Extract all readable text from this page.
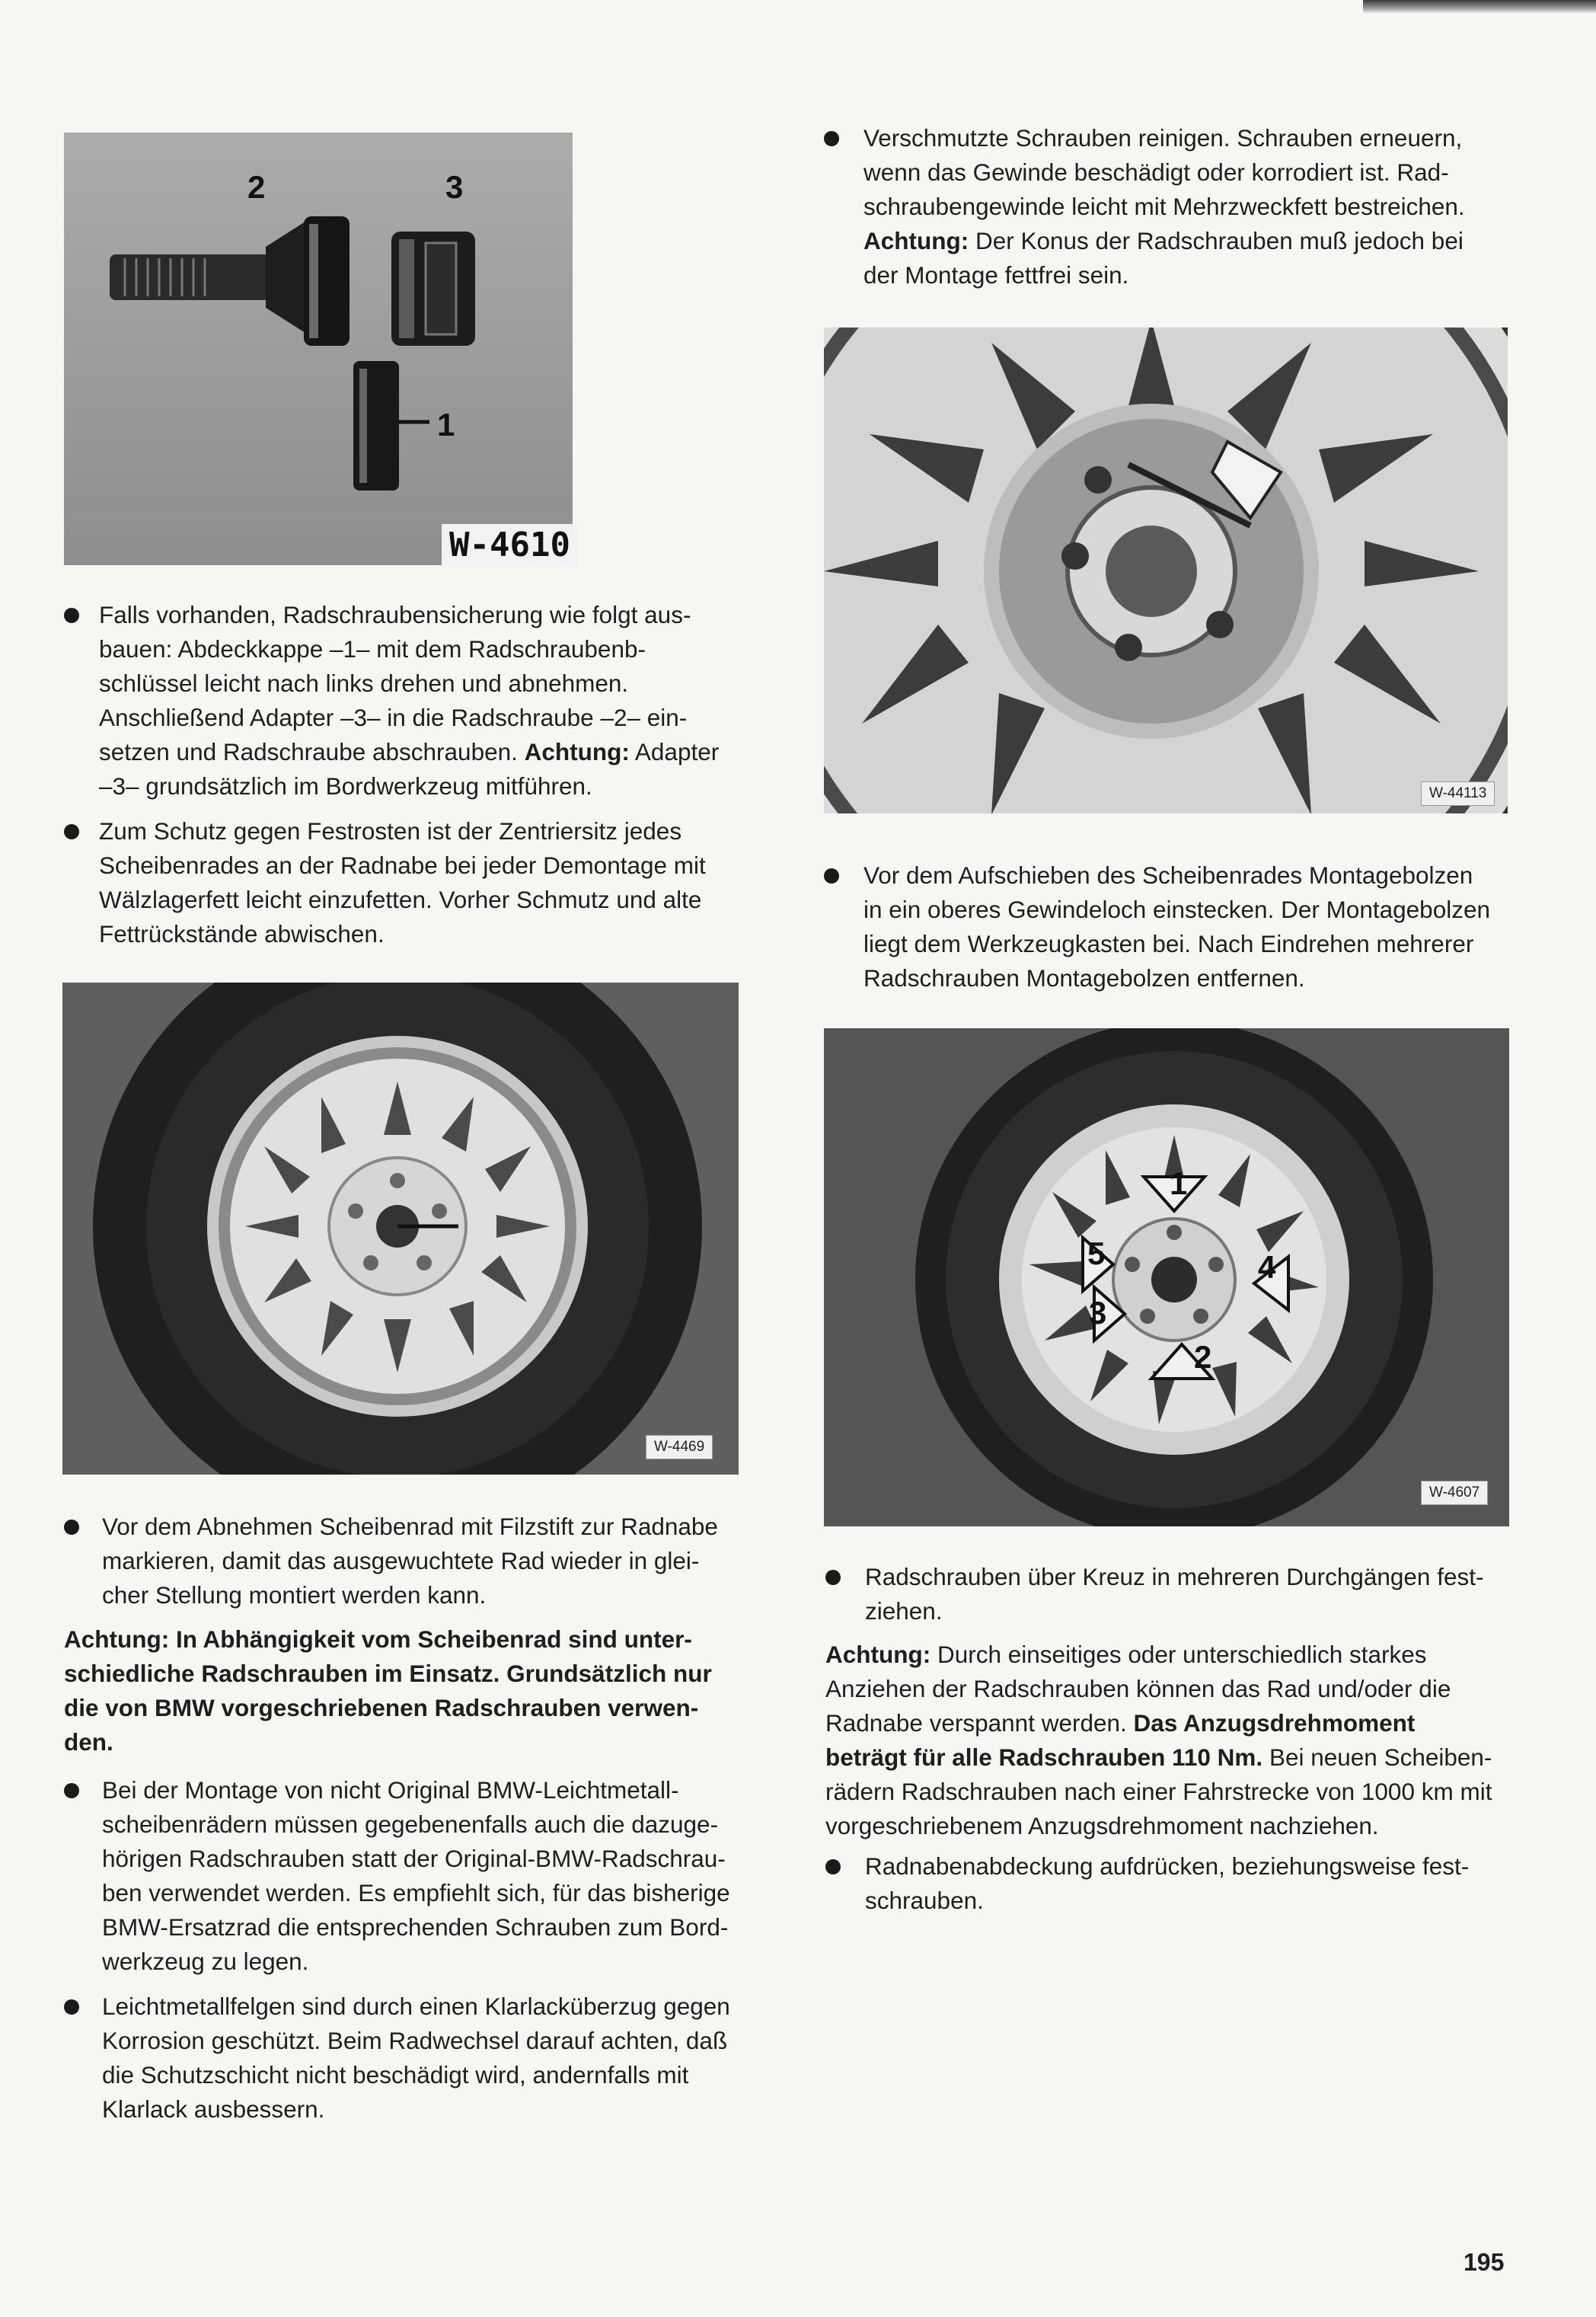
2	3
1
W-4610
Falls vorhanden, Radschraubensicherung wie folgt aus-
bauen: Abdeckkappe –1– mit dem Radschraubenb-
schlüssel leicht nach links drehen und abnehmen.
Anschließend Adapter –3– in die Radschraube –2– ein-
setzen und Radschraube abschrauben. Achtung: Adapter
–3– grundsätzlich im Bordwerkzeug mitführen.
Zum Schutz gegen Festrosten ist der Zentriersitz jedes
Scheibenrades an der Radnabe bei jeder Demontage mit
Wälzlagerfett leicht einzufetten. Vorher Schmutz und alte
Fettrückstände abwischen.
W-4469
Vor dem Abnehmen Scheibenrad mit Filzstift zur Radnabe
markieren, damit das ausgewuchtete Rad wieder in glei-
cher Stellung montiert werden kann.
Achtung: In Abhängigkeit vom Scheibenrad sind unter-
schiedliche Radschrauben im Einsatz. Grundsätzlich nur
die von BMW vorgeschriebenen Radschrauben verwen-
den.
Bei der Montage von nicht Original BMW-Leichtmetall-
scheibenrädern müssen gegebenenfalls auch die dazuge-
hörigen Radschrauben statt der Original-BMW-Radschrau-
ben verwendet werden. Es empfiehlt sich, für das bisherige
BMW-Ersatzrad die entsprechenden Schrauben zum Bord-
werkzeug zu legen.
Leichtmetallfelgen sind durch einen Klarlacküberzug gegen
Korrosion geschützt. Beim Radwechsel darauf achten, daß
die Schutzschicht nicht beschädigt wird, andernfalls mit
Klarlack ausbessern.
Verschmutzte Schrauben reinigen. Schrauben erneuern,
wenn das Gewinde beschädigt oder korrodiert ist. Rad-
schraubengewinde leicht mit Mehrzweckfett bestreichen.
Achtung: Der Konus der Radschrauben muß jedoch bei
der Montage fettfrei sein.
W-44113
Vor dem Aufschieben des Scheibenrades Montagebolzen
in ein oberes Gewindeloch einstecken. Der Montagebolzen
liegt dem Werkzeugkasten bei. Nach Eindrehen mehrerer
Radschrauben Montagebolzen entfernen.
1
4
5
3
2
W-4607
Radschrauben über Kreuz in mehreren Durchgängen fest-
ziehen.
Achtung: Durch einseitiges oder unterschiedlich starkes
Anziehen der Radschrauben können das Rad und/oder die
Radnabe verspannt werden. Das Anzugsdrehmoment
beträgt für alle Radschrauben 110 Nm. Bei neuen Scheiben-
rädern Radschrauben nach einer Fahrstrecke von 1000 km mit
vorgeschriebenem Anzugsdrehmoment nachziehen.
Radnabenabdeckung aufdrücken, beziehungsweise fest-
schrauben.
195
